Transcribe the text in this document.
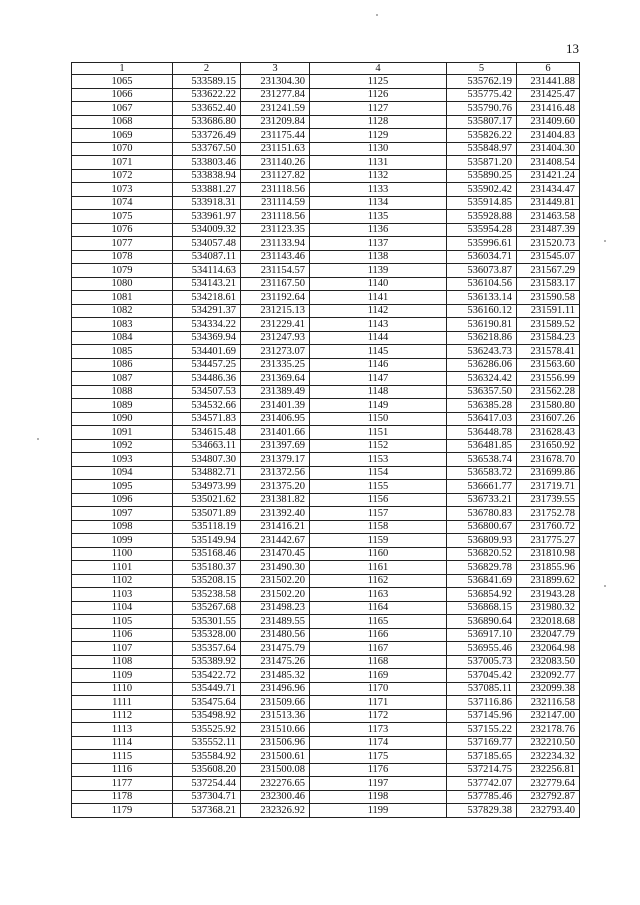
13
1	2	3	4	5	6
1065	533589.15	231304.30	1125	535762.19	231441.88
1066	533622.22	231277.84	1126	535775.42	231425.47
1067	533652.40	231241.59	1127	535790.76	231416.48
1068	533686.80	231209.84	1128	535807.17	231409.60
1069	533726.49	231175.44	1129	535826.22	231404.83
1070	533767.50	231151.63	1130	535848.97	231404.30
1071	533803.46	231140.26	1131	535871.20	231408.54
1072	533838.94	231127.82	1132	535890.25	231421.24
1073	533881.27	231118.56	1133	535902.42	231434.47
1074	533918.31	231114.59	1134	535914.85	231449.81
1075	533961.97	231118.56	1135	535928.88	231463.58
1076	534009.32	231123.35	1136	535954.28	231487.39
1077	534057.48	231133.94	1137	535996.61	231520.73
1078	534087.11	231143.46	1138	536034.71	231545.07
1079	534114.63	231154.57	1139	536073.87	231567.29
1080	534143.21	231167.50	1140	536104.56	231583.17
1081	534218.61	231192.64	1141	536133.14	231590.58
1082	534291.37	231215.13	1142	536160.12	231591.11
1083	534334.22	231229.41	1143	536190.81	231589.52
1084	534369.94	231247.93	1144	536218.86	231584.23
1085	534401.69	231273.07	1145	536243.73	231578.41
1086	534457.25	231335.25	1146	536286.06	231563.60
1087	534486.36	231369.64	1147	536324.42	231556.99
1088	534507.53	231389.49	1148	536357.50	231562.28
1089	534532.66	231401.39	1149	536385.28	231580.80
1090	534571.83	231406.95	1150	536417.03	231607.26
1091	534615.48	231401.66	1151	536448.78	231628.43
1092	534663.11	231397.69	1152	536481.85	231650.92
1093	534807.30	231379.17	1153	536538.74	231678.70
1094	534882.71	231372.56	1154	536583.72	231699.86
1095	534973.99	231375.20	1155	536661.77	231719.71
1096	535021.62	231381.82	1156	536733.21	231739.55
1097	535071.89	231392.40	1157	536780.83	231752.78
1098	535118.19	231416.21	1158	536800.67	231760.72
1099	535149.94	231442.67	1159	536809.93	231775.27
1100	535168.46	231470.45	1160	536820.52	231810.98
1101	535180.37	231490.30	1161	536829.78	231855.96
1102	535208.15	231502.20	1162	536841.69	231899.62
1103	535238.58	231502.20	1163	536854.92	231943.28
1104	535267.68	231498.23	1164	536868.15	231980.32
1105	535301.55	231489.55	1165	536890.64	232018.68
1106	535328.00	231480.56	1166	536917.10	232047.79
1107	535357.64	231475.79	1167	536955.46	232064.98
1108	535389.92	231475.26	1168	537005.73	232083.50
1109	535422.72	231485.32	1169	537045.42	232092.77
1110	535449.71	231496.96	1170	537085.11	232099.38
1111	535475.64	231509.66	1171	537116.86	232116.58
1112	535498.92	231513.36	1172	537145.96	232147.00
1113	535525.92	231510.66	1173	537155.22	232178.76
1114	535552.11	231506.96	1174	537169.77	232210.50
1115	535584.92	231500.61	1175	537185.65	232234.32
1116	535608.20	231500.08	1176	537214.75	232256.81
1177	537254.44	232276.65	1197	537742.07	232779.64
1178	537304.71	232300.46	1198	537785.46	232792.87
1179	537368.21	232326.92	1199	537829.38	232793.40
